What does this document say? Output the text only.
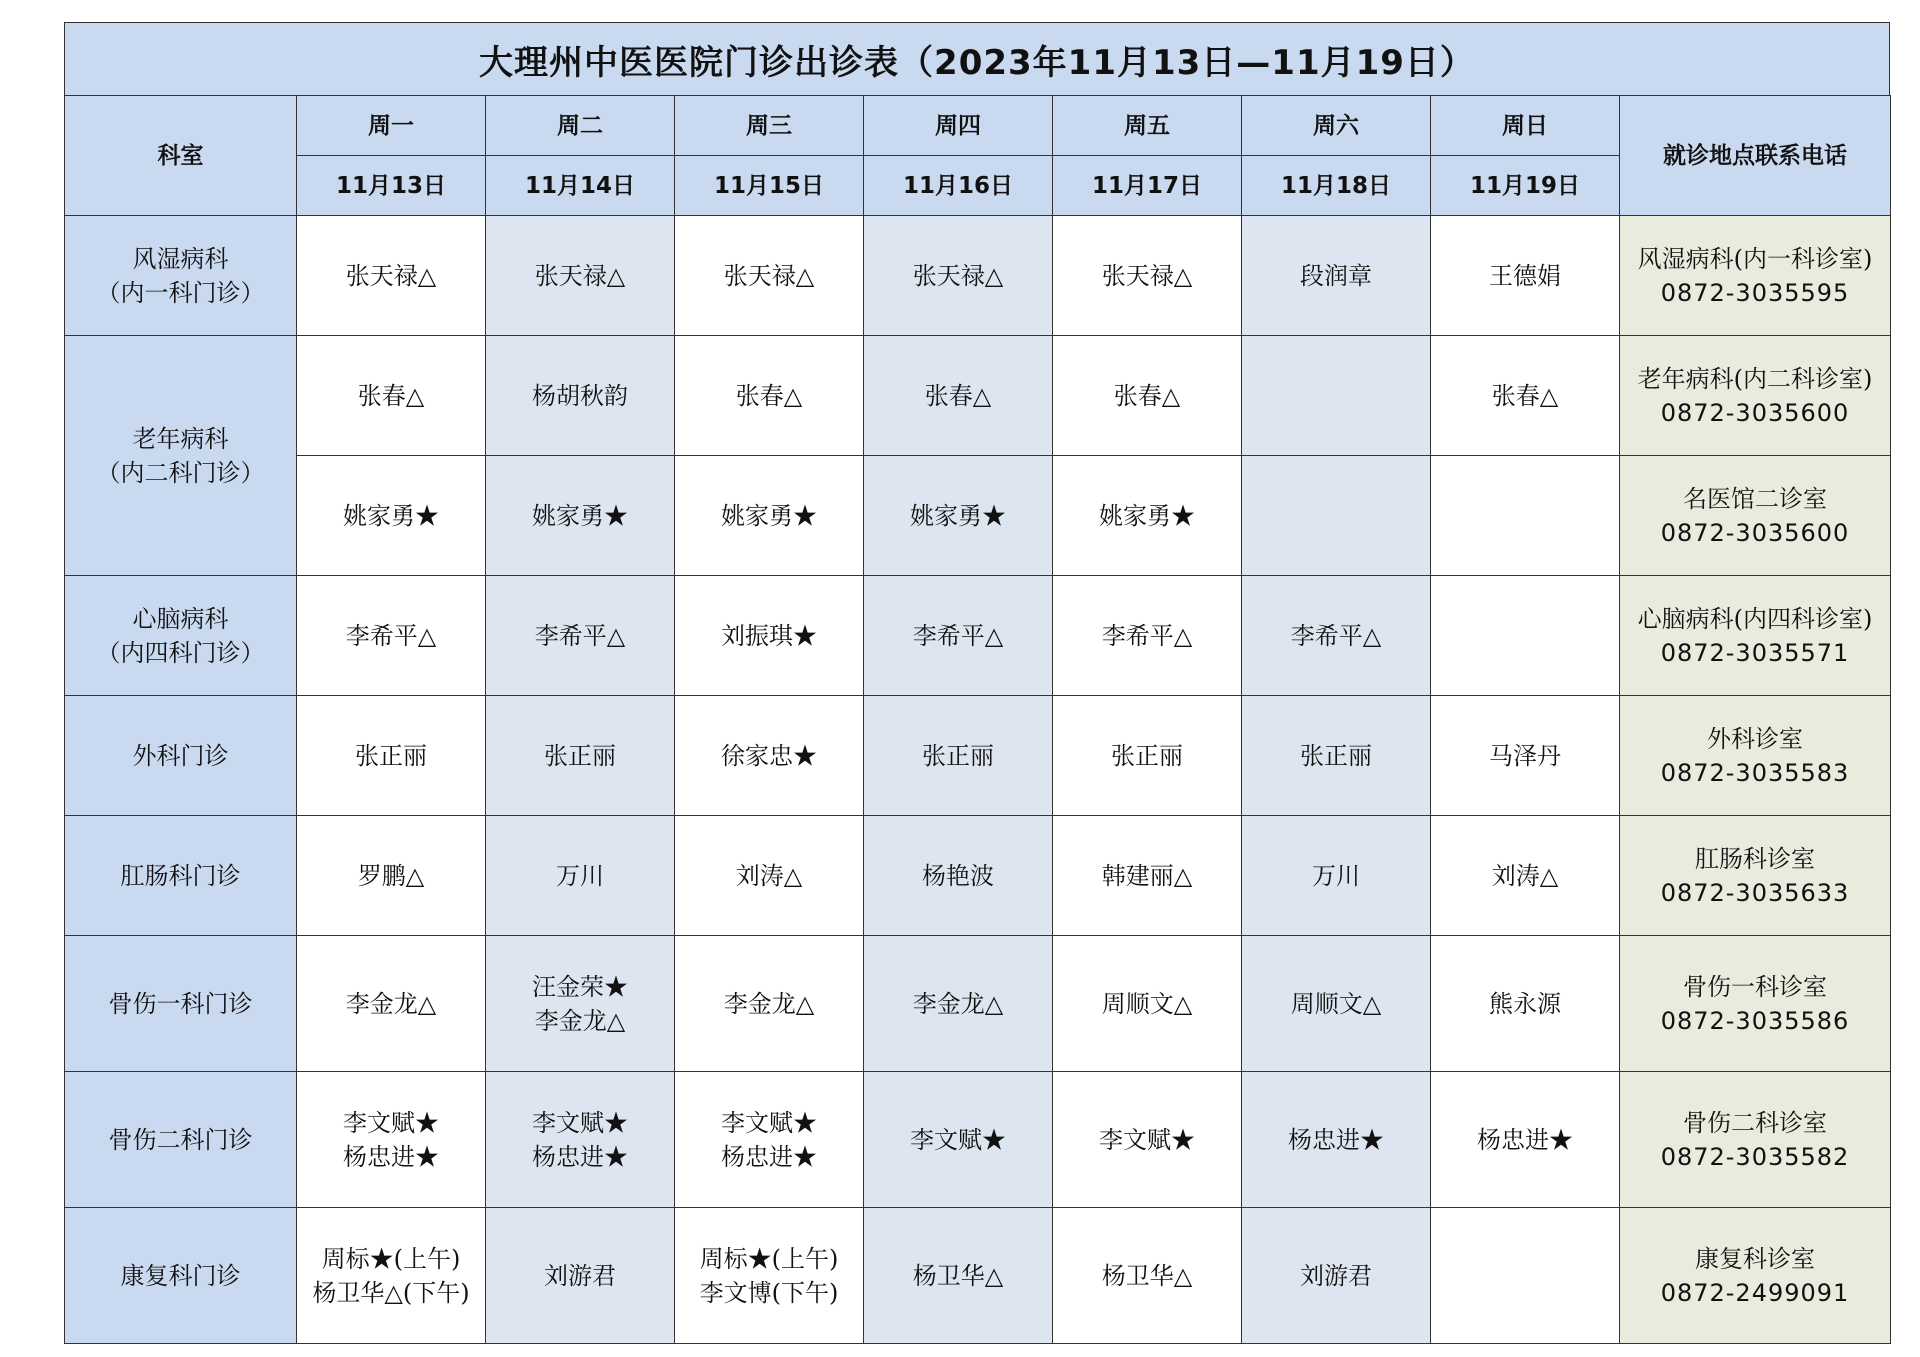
大理州中医医院门诊出诊表（2023年11月13日—11月19日）
科室	周一	周二	周三	周四	周五	周六	周日	就诊地点联系电话
	11月13日	11月14日	11月15日	11月16日	11月17日	11月18日	11月19日	

风湿病科
（内一科门诊）	张天禄△	张天禄△	张天禄△	张天禄△	张天禄△	段润章	王德娟	风湿病科(内一科诊室)
0872-3035595

老年病科
（内二科门诊）	张春△	杨胡秋韵	张春△	张春△	张春△		张春△	老年病科(内二科诊室)
0872-3035600

	姚家勇★	姚家勇★	姚家勇★	姚家勇★	姚家勇★			名医馆二诊室
0872-3035600

心脑病科
（内四科门诊）	李希平△	李希平△	刘振琪★	李希平△	李希平△	李希平△		心脑病科(内四科诊室)
0872-3035571

外科门诊	张正丽	张正丽	徐家忠★	张正丽	张正丽	张正丽	马泽丹	外科诊室
0872-3035583

肛肠科门诊	罗鹏△	万川	刘涛△	杨艳波	韩建丽△	万川	刘涛△	肛肠科诊室
0872-3035633

骨伤一科门诊	李金龙△	汪金荣★
李金龙△	李金龙△	李金龙△	周顺文△	周顺文△	熊永源	骨伤一科诊室
0872-3035586

骨伤二科门诊	李文赋★
杨忠进★	李文赋★
杨忠进★	李文赋★
杨忠进★	李文赋★	李文赋★	杨忠进★	杨忠进★	骨伤二科诊室
0872-3035582

康复科门诊	周标★(上午)
杨卫华△(下午)	刘游君	周标★(上午)
李文博(下午)	杨卫华△	杨卫华△	刘游君		康复科诊室
0872-2499091
